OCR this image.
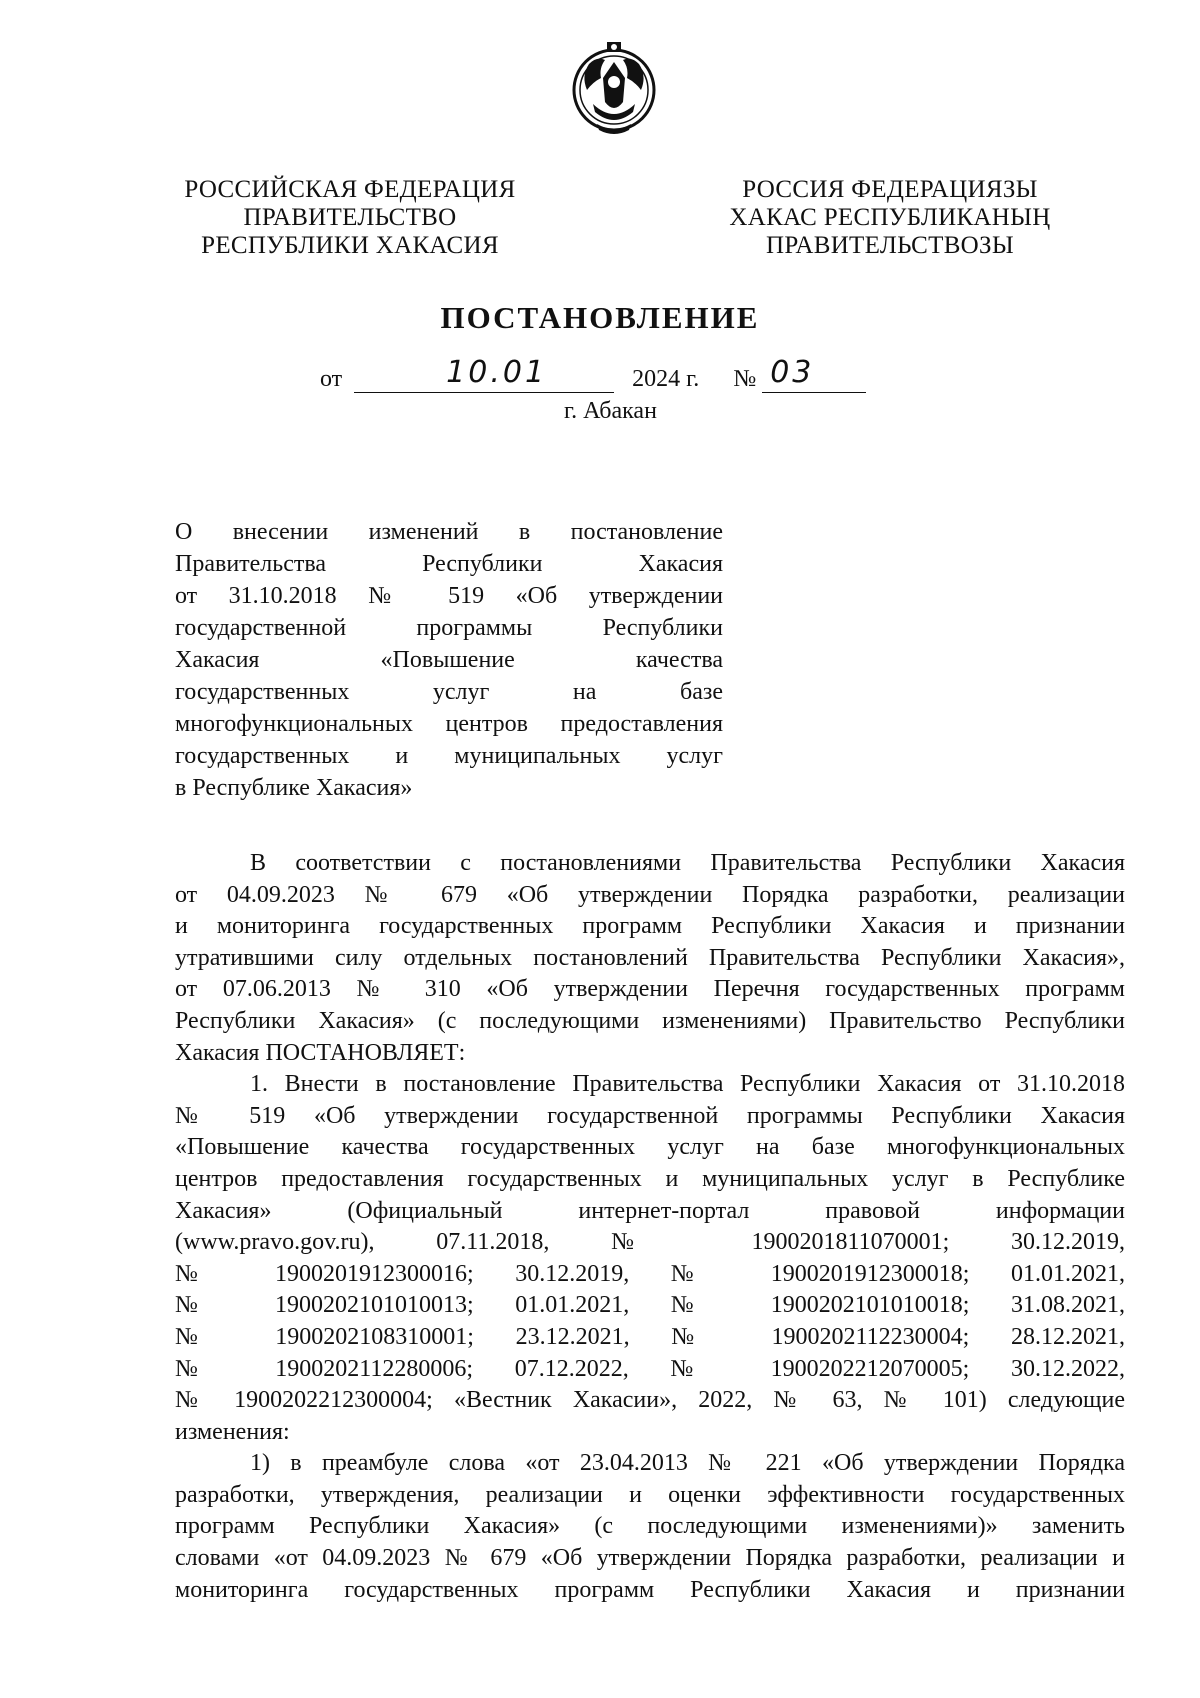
РОССИЙСКАЯ ФЕДЕРАЦИЯ
ПРАВИТЕЛЬСТВО
РЕСПУБЛИКИ ХАКАСИЯ
РОССИЯ ФЕДЕРАЦИЯЗЫ
ХАКАС РЕСПУБЛИКАНЫҢ
ПРАВИТЕЛЬСТВОЗЫ
ПОСТАНОВЛЕНИЕ
от	10.01	2024 г. № 03
г. Абакан
О внесении изменений в постановление
Правительства Республики Хакасия
от 31.10.2018 № 519 «Об утверждении
государственной программы Республики
Хакасия «Повышение качества
государственных услуг на базе
многофункциональных центров предоставления
государственных и муниципальных услуг
в Республике Хакасия»
В соответствии с постановлениями Правительства Республики Хакасия
от 04.09.2023 № 679 «Об утверждении Порядка разработки, реализации
и мониторинга государственных программ Республики Хакасия и признании
утратившими силу отдельных постановлений Правительства Республики Хакасия»,
от 07.06.2013 № 310 «Об утверждении Перечня государственных программ
Республики Хакасия» (с последующими изменениями) Правительство Республики
Хакасия ПОСТАНОВЛЯЕТ:
1. Внести в постановление Правительства Республики Хакасия от 31.10.2018
№ 519 «Об утверждении государственной программы Республики Хакасия
«Повышение качества государственных услуг на базе многофункциональных
центров предоставления государственных и муниципальных услуг в Республике
Хакасия» (Официальный интернет-портал правовой информации
(www.pravo.gov.ru), 07.11.2018, № 1900201811070001; 30.12.2019,
№ 1900201912300016; 30.12.2019, № 1900201912300018; 01.01.2021,
№ 1900202101010013; 01.01.2021, № 1900202101010018; 31.08.2021,
№ 1900202108310001; 23.12.2021, № 1900202112230004; 28.12.2021,
№ 1900202112280006; 07.12.2022, № 1900202212070005; 30.12.2022,
№ 1900202212300004; «Вестник Хакасии», 2022, № 63, № 101) следующие
изменения:
1) в преамбуле слова «от 23.04.2013 № 221 «Об утверждении Порядка
разработки, утверждения, реализации и оценки эффективности государственных
программ Республики Хакасия» (с последующими изменениями)» заменить
словами «от 04.09.2023 № 679 «Об утверждении Порядка разработки, реализации и
мониторинга государственных программ Республики Хакасия и признании
